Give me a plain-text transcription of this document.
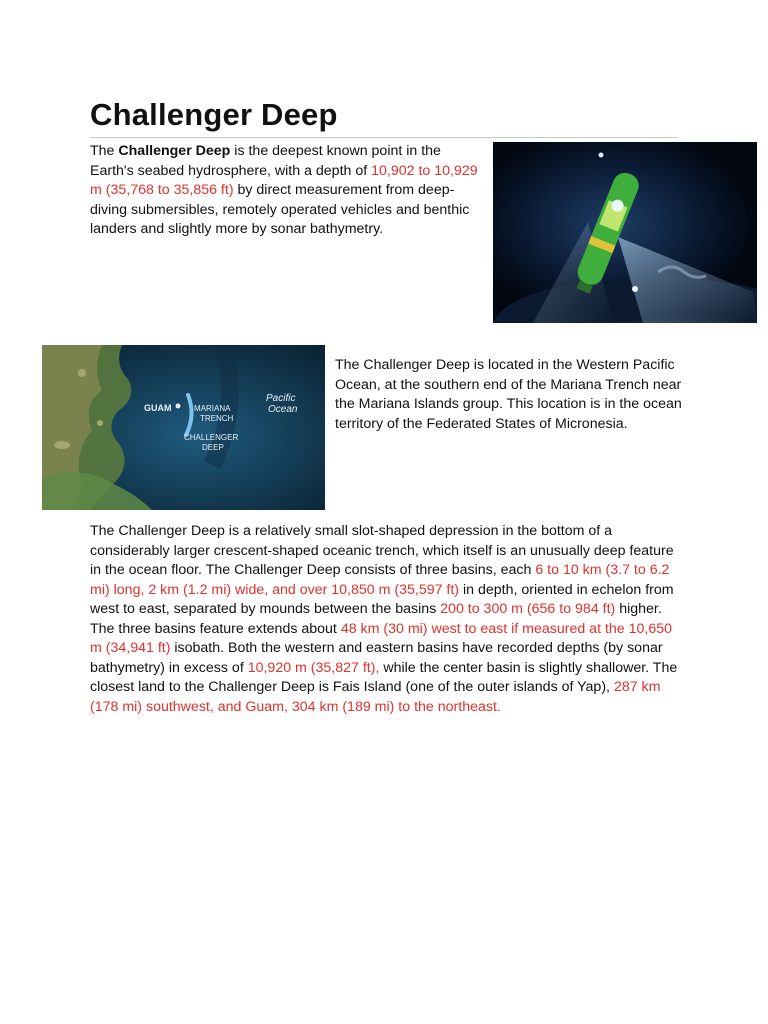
Challenger Deep

The Challenger Deep is the deepest known point in the Earth's seabed hydrosphere, with a depth of 10,902 to 10,929 m (35,768 to 35,856 ft) by direct measurement from deep-diving submersibles, remotely operated vehicles and benthic landers and slightly more by sonar bathymetry.

GUAM	MARIANA
TRENCH
CHALLENGER
DEEP
Pacific
Ocean

The Challenger Deep is located in the Western Pacific Ocean, at the southern end of the Mariana Trench near the Mariana Islands group. This location is in the ocean territory of the Federated States of Micronesia.

The Challenger Deep is a relatively small slot-shaped depression in the bottom of a considerably larger crescent-shaped oceanic trench, which itself is an unusually deep feature in the ocean floor. The Challenger Deep consists of three basins, each 6 to 10 km (3.7 to 6.2 mi) long, 2 km (1.2 mi) wide, and over 10,850 m (35,597 ft) in depth, oriented in echelon from west to east, separated by mounds between the basins 200 to 300 m (656 to 984 ft) higher. The three basins feature extends about 48 km (30 mi) west to east if measured at the 10,650 m (34,941 ft) isobath. Both the western and eastern basins have recorded depths (by sonar bathymetry) in excess of 10,920 m (35,827 ft), while the center basin is slightly shallower. The closest land to the Challenger Deep is Fais Island (one of the outer islands of Yap), 287 km (178 mi) southwest, and Guam, 304 km (189 mi) to the northeast.
